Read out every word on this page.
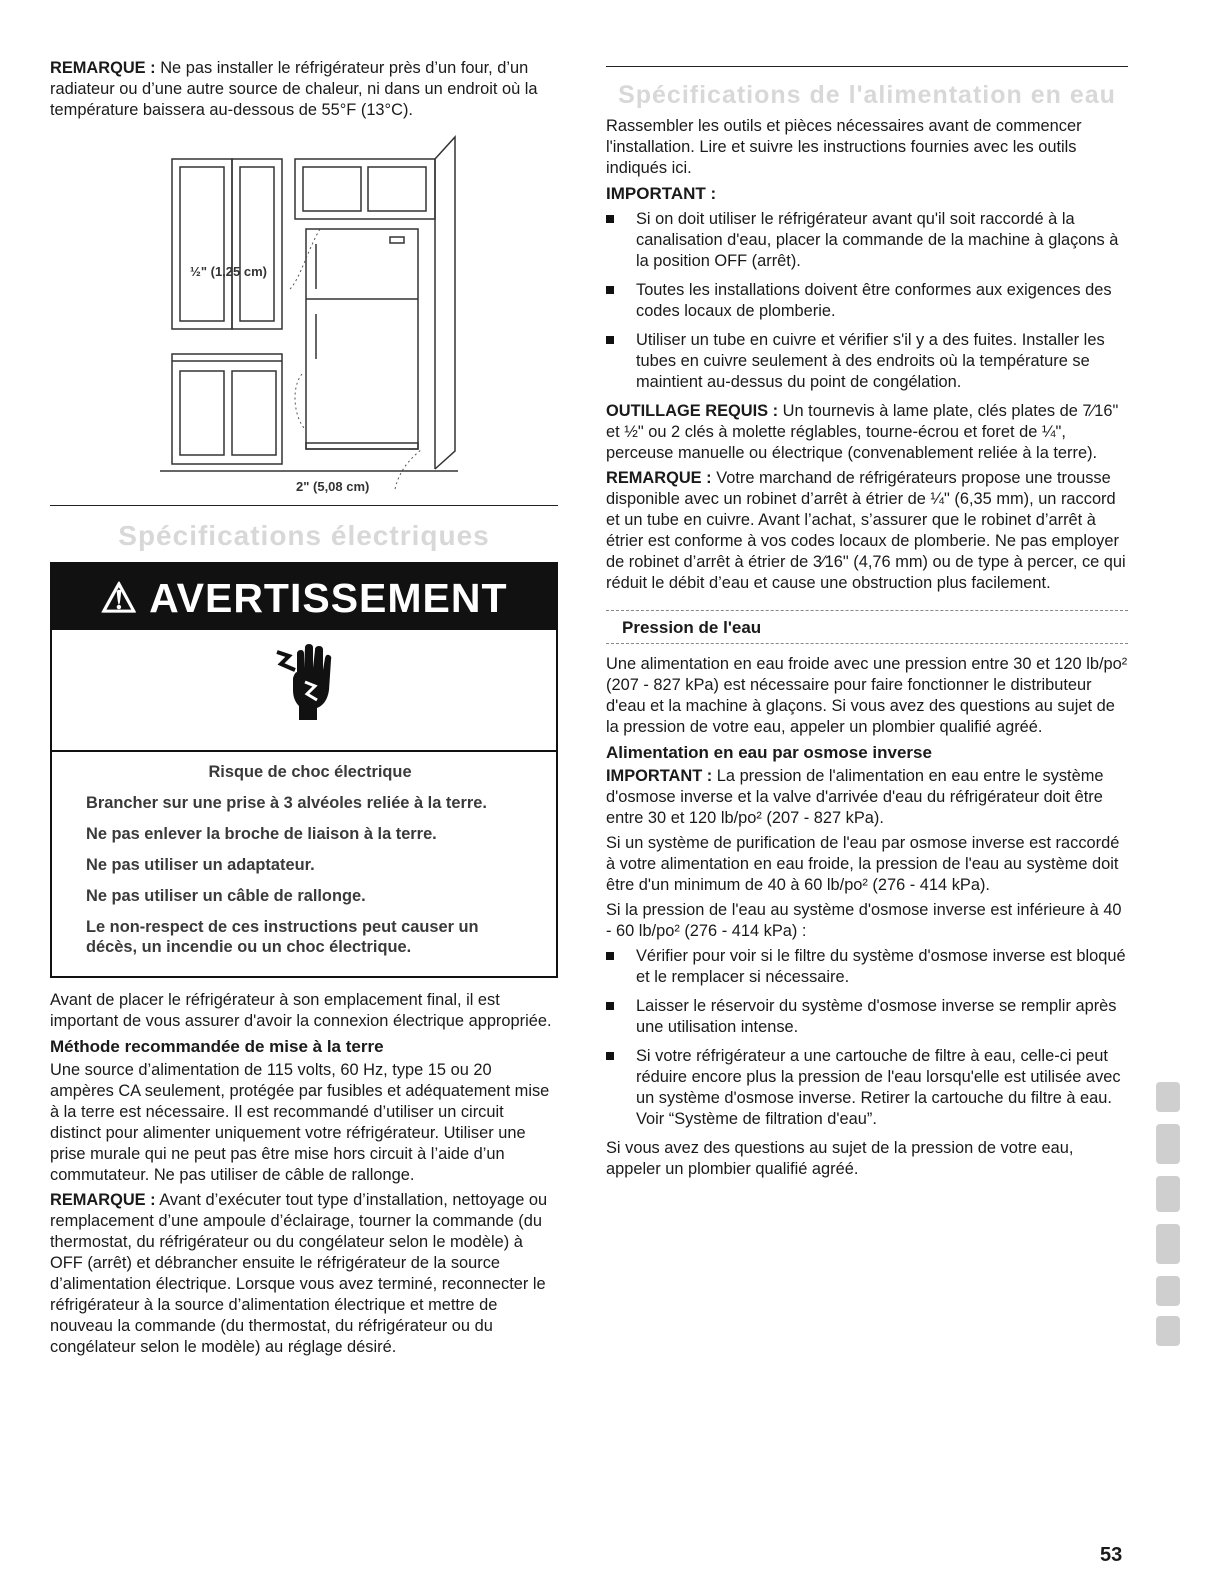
REMARQUE : Ne pas installer le réfrigérateur près d’un four, d’un radiateur ou d’une autre source de chaleur, ni dans un endroit où la température baissera au-dessous de 55°F (13°C).

½" (1,25 cm)
2" (5,08 cm)
Spécifications électriques
⚠ AVERTISSEMENT

Risque de choc électrique

Brancher sur une prise à 3 alvéoles reliée à la terre.

Ne pas enlever la broche de liaison à la terre.

Ne pas utiliser un adaptateur.

Ne pas utiliser un câble de rallonge.

Le non-respect de ces instructions peut causer un décès, un incendie ou un choc électrique.

Avant de placer le réfrigérateur à son emplacement final, il est important de vous assurer d'avoir la connexion électrique appropriée.

Méthode recommandée de mise à la terre

Une source d’alimentation de 115 volts, 60 Hz, type 15 ou 20 ampères CA seulement, protégée par fusibles et adéquatement mise à la terre est nécessaire. Il est recommandé d’utiliser un circuit distinct pour alimenter uniquement votre réfrigérateur. Utiliser une prise murale qui ne peut pas être mise hors circuit à l’aide d’un commutateur. Ne pas utiliser de câble de rallonge.

REMARQUE : Avant d’exécuter tout type d’installation, nettoyage ou remplacement d’une ampoule d’éclairage, tourner la commande (du thermostat, du réfrigérateur ou du congélateur selon le modèle) à OFF (arrêt) et débrancher ensuite le réfrigérateur de la source d’alimentation électrique. Lorsque vous avez terminé, reconnecter le réfrigérateur à la source d’alimentation électrique et mettre de nouveau la commande (du thermostat, du réfrigérateur ou du congélateur selon le modèle) au réglage désiré.

Spécifications de l'alimentation en eau

Rassembler les outils et pièces nécessaires avant de commencer l'installation. Lire et suivre les instructions fournies avec les outils indiqués ici.

IMPORTANT :
Si on doit utiliser le réfrigérateur avant qu'il soit raccordé à la canalisation d'eau, placer la commande de la machine à glaçons à la position OFF (arrêt).
Toutes les installations doivent être conformes aux exigences des codes locaux de plomberie.
Utiliser un tube en cuivre et vérifier s'il y a des fuites. Installer les tubes en cuivre seulement à des endroits où la température se maintient au-dessus du point de congélation.

OUTILLAGE REQUIS : Un tournevis à lame plate, clés plates de 7⁄16" et ½" ou 2 clés à molette réglables, tourne-écrou et foret de ¼", perceuse manuelle ou électrique (convenablement reliée à la terre).

REMARQUE : Votre marchand de réfrigérateurs propose une trousse disponible avec un robinet d’arrêt à étrier de ¼" (6,35 mm), un raccord et un tube en cuivre. Avant l’achat, s’assurer que le robinet d’arrêt à étrier est conforme à vos codes locaux de plomberie. Ne pas employer de robinet d’arrêt à étrier de 3⁄16" (4,76 mm) ou de type à percer, ce qui réduit le débit d’eau et cause une obstruction plus facilement.

Pression de l'eau

Une alimentation en eau froide avec une pression entre 30 et 120 lb/po² (207 - 827 kPa) est nécessaire pour faire fonctionner le distributeur d'eau et la machine à glaçons. Si vous avez des questions au sujet de la pression de votre eau, appeler un plombier qualifié agréé.

Alimentation en eau par osmose inverse

IMPORTANT : La pression de l'alimentation en eau entre le système d'osmose inverse et la valve d'arrivée d'eau du réfrigérateur doit être entre 30 et 120 lb/po² (207 - 827 kPa).

Si un système de purification de l'eau par osmose inverse est raccordé à votre alimentation en eau froide, la pression de l'eau au système doit être d'un minimum de 40 à 60 lb/po² (276 - 414 kPa).

Si la pression de l'eau au système d'osmose inverse est inférieure à 40 - 60 lb/po² (276 - 414 kPa) :

Vérifier pour voir si le filtre du système d'osmose inverse est bloqué et le remplacer si nécessaire.
Laisser le réservoir du système d'osmose inverse se remplir après une utilisation intense.
Si votre réfrigérateur a une cartouche de filtre à eau, celle-ci peut réduire encore plus la pression de l'eau lorsqu'elle est utilisée avec un système d'osmose inverse. Retirer la cartouche du filtre à eau. Voir “Système de filtration d'eau”.

Si vous avez des questions au sujet de la pression de votre eau, appeler un plombier qualifié agréé.

53
